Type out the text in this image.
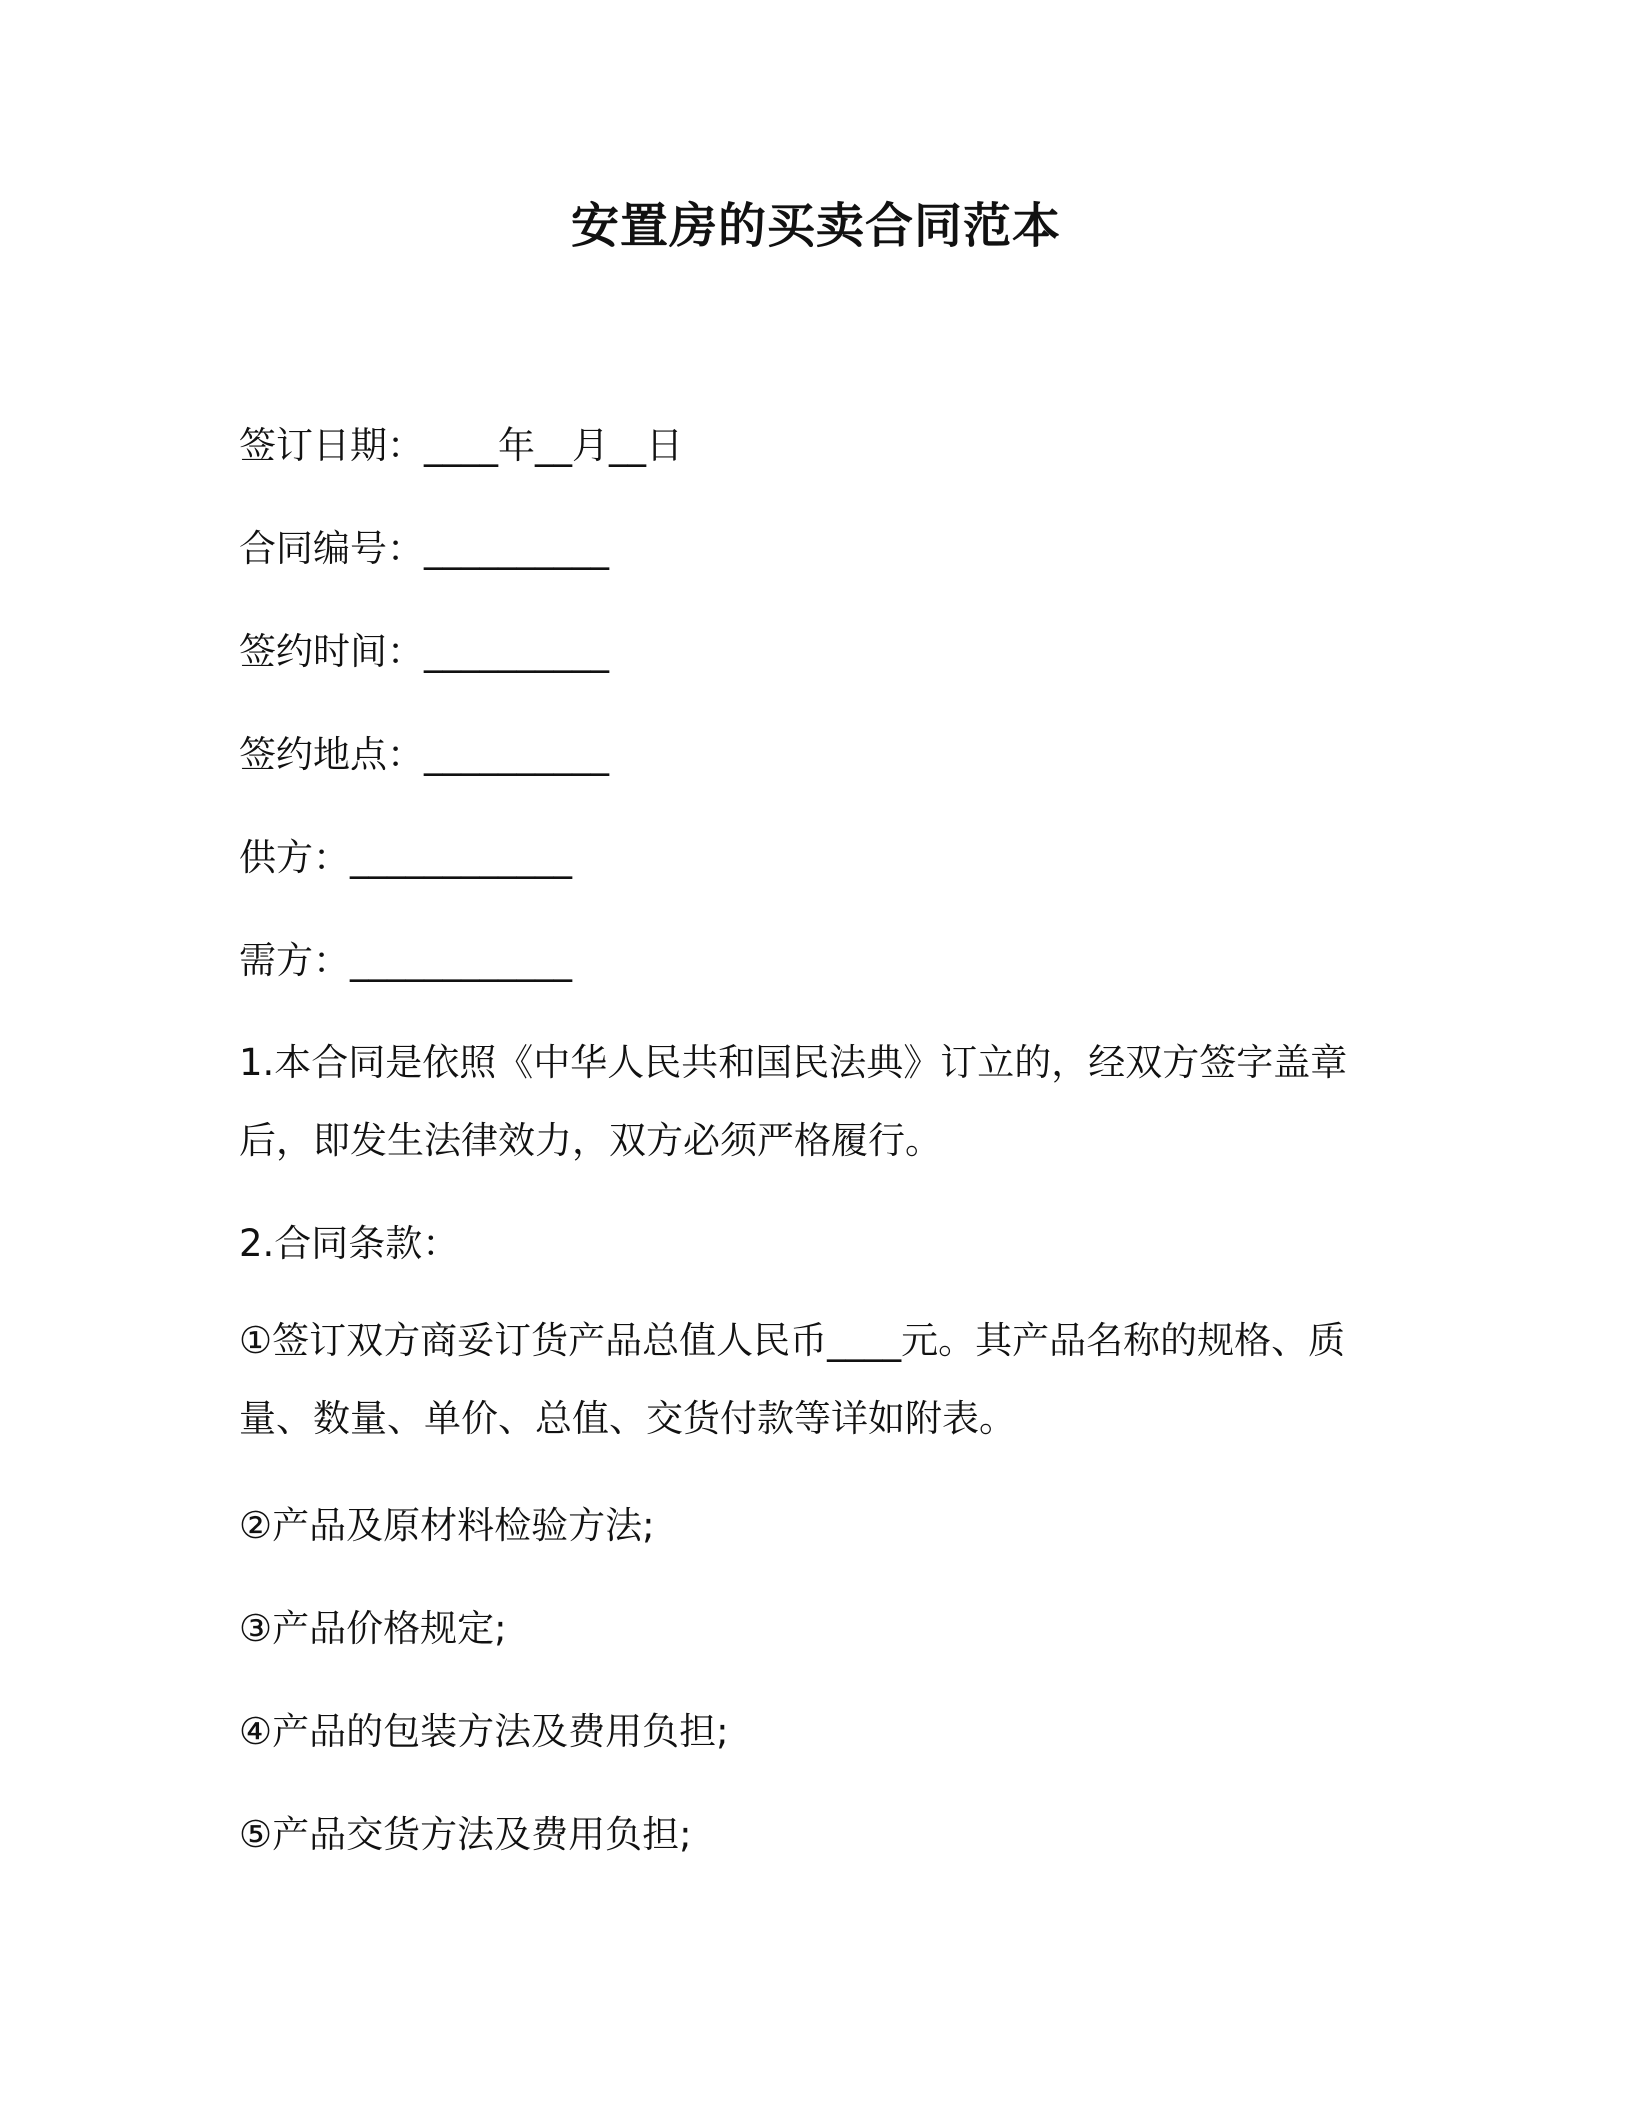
安置房的买卖合同范本
签订日期：____年__月__日
合同编号：__________
签约时间：__________
签约地点：__________
供方：____________
需方：____________
1.本合同是依照《中华人民共和国民法典》订立的，经双方签字盖章后，即发生法律效力，双方必须严格履行。
2.合同条款：
①签订双方商妥订货产品总值人民币____元。其产品名称的规格、质量、数量、单价、总值、交货付款等详如附表。
②产品及原材料检验方法;
③产品价格规定;
④产品的包装方法及费用负担;
⑤产品交货方法及费用负担;
